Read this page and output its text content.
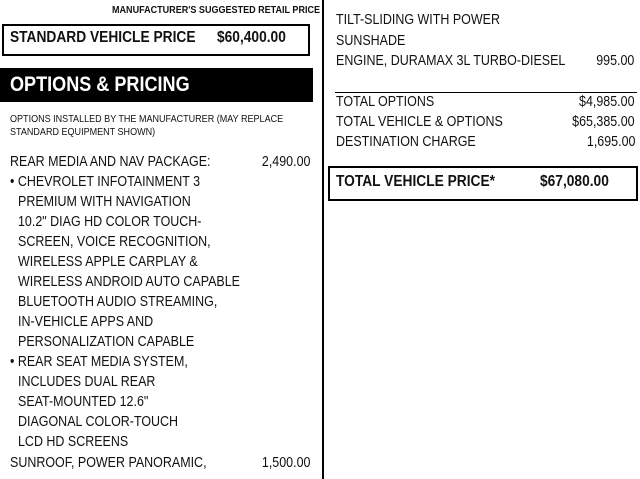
MANUFACTURER'S SUGGESTED RETAIL PRICE
STANDARD VEHICLE PRICE	$60,400.00
OPTIONS & PRICING
OPTIONS INSTALLED BY THE MANUFACTURER (MAY REPLACE
STANDARD EQUIPMENT SHOWN)
REAR MEDIA AND NAV PACKAGE:	2,490.00
• CHEVROLET INFOTAINMENT 3
PREMIUM WITH NAVIGATION
10.2" DIAG HD COLOR TOUCH-
SCREEN, VOICE RECOGNITION,
WIRELESS APPLE CARPLAY &
WIRELESS ANDROID AUTO CAPABLE
BLUETOOTH AUDIO STREAMING,
IN-VEHICLE APPS AND
PERSONALIZATION CAPABLE
• REAR SEAT MEDIA SYSTEM,
INCLUDES DUAL REAR
SEAT-MOUNTED 12.6"
DIAGONAL COLOR-TOUCH
LCD HD SCREENS
SUNROOF, POWER PANORAMIC,	1,500.00
TILT-SLIDING WITH POWER
SUNSHADE
ENGINE, DURAMAX 3L TURBO-DIESEL	995.00
TOTAL OPTIONS	$4,985.00
TOTAL VEHICLE & OPTIONS	$65,385.00
DESTINATION CHARGE	1,695.00
TOTAL VEHICLE PRICE*	$67,080.00
